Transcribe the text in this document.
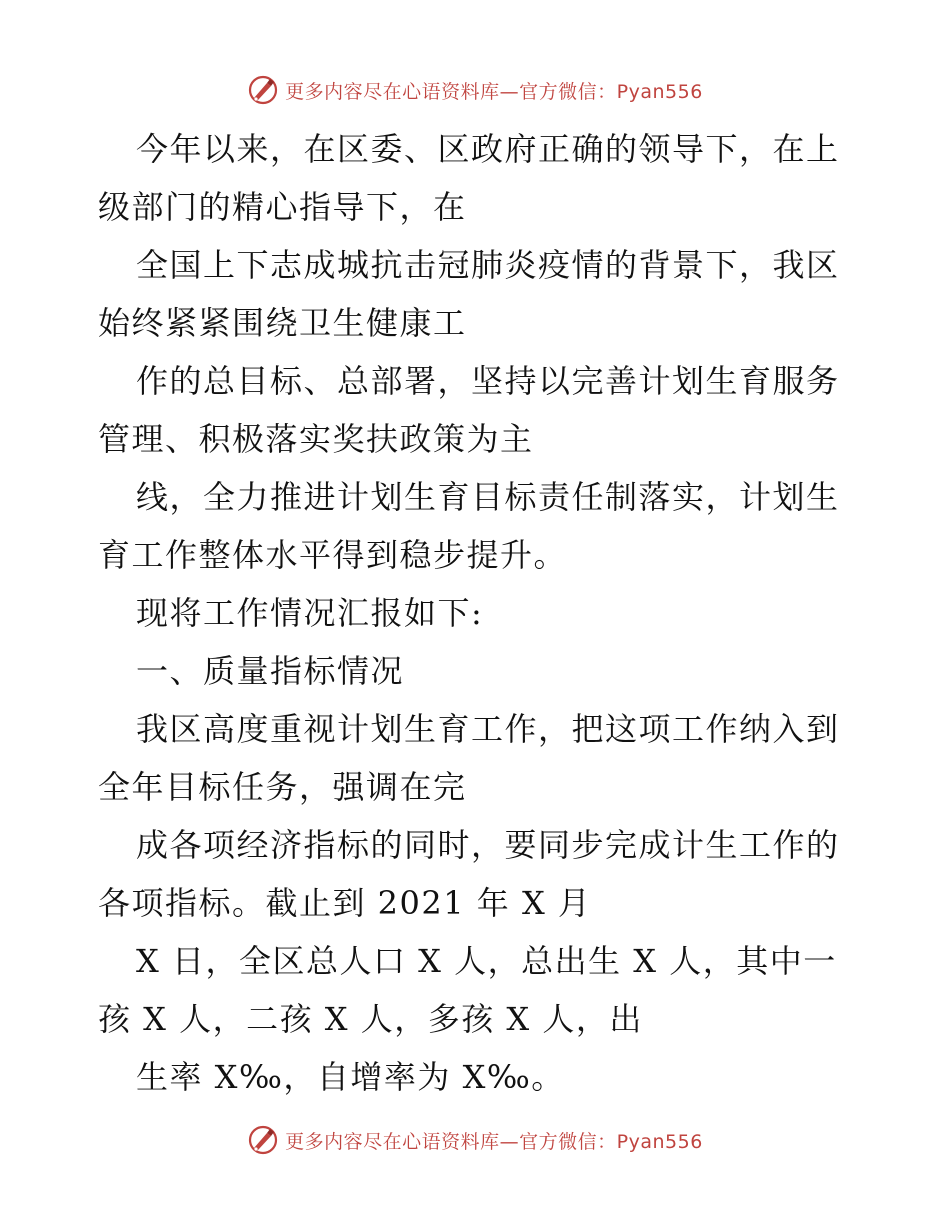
更多内容尽在心语资料库—官方微信：Pyan556
今年以来，在区委、区政府正确的领导下，在上
级部门的精心指导下，在
全国上下志成城抗击冠肺炎疫情的背景下，我区
始终紧紧围绕卫生健康工
作的总目标、总部署，坚持以完善计划生育服务
管理、积极落实奖扶政策为主
线，全力推进计划生育目标责任制落实，计划生
育工作整体水平得到稳步提升。
现将工作情况汇报如下:
一、质量指标情况
我区高度重视计划生育工作，把这项工作纳入到
全年目标任务，强调在完
成各项经济指标的同时，要同步完成计生工作的
各项指标。截止到 2021 年 X 月
X 日，全区总人口 X 人，总出生 X 人，其中一
孩 X 人，二孩 X 人，多孩 X 人，出
生率 X‰，自增率为 X‰。
更多内容尽在心语资料库—官方微信：Pyan556
